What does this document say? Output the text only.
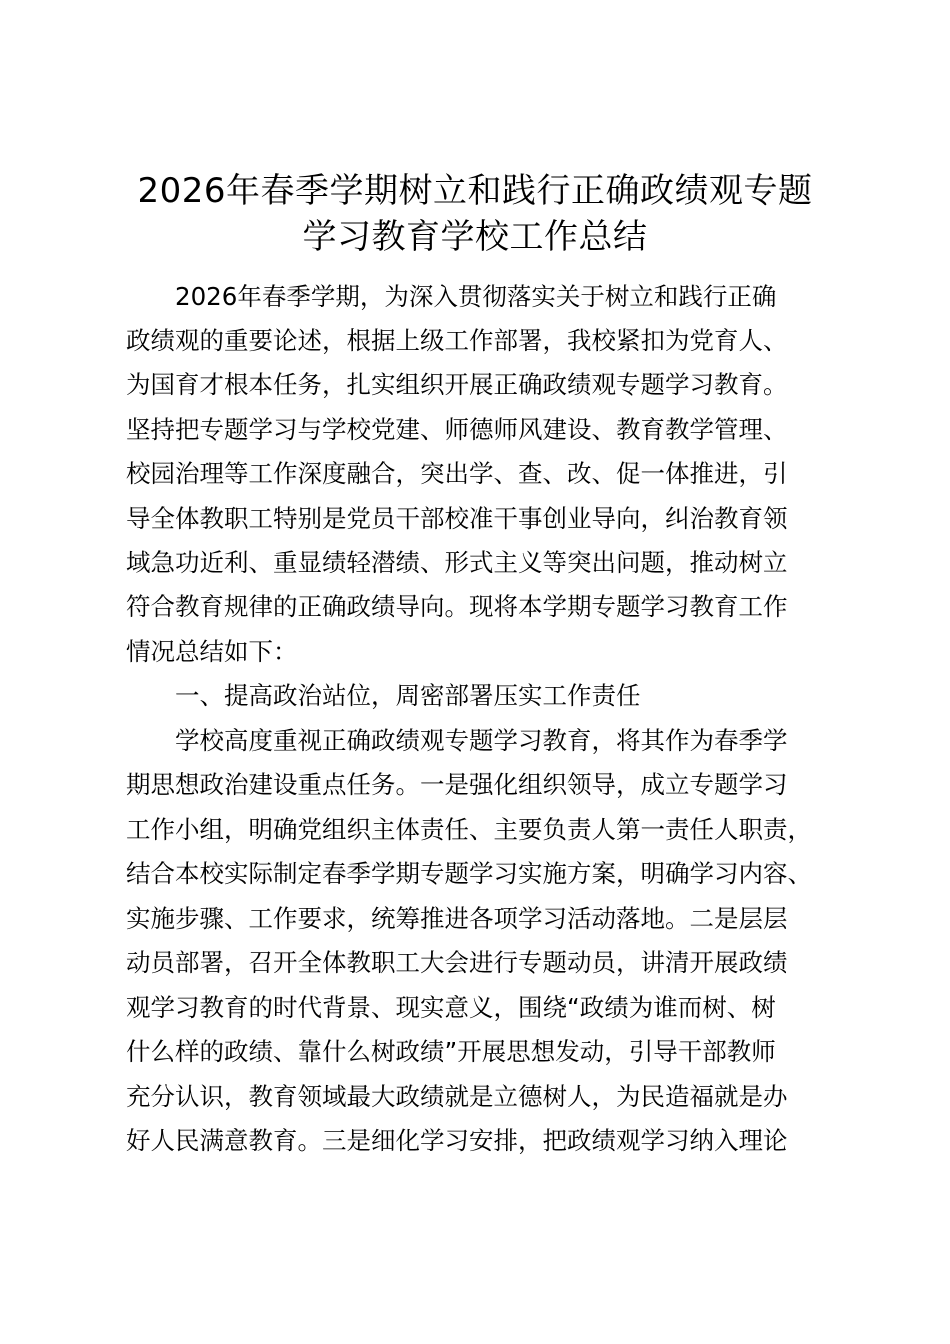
2026年春季学期树立和践行正确政绩观专题
学习教育学校工作总结

2026年春季学期，为深入贯彻落实关于树立和践行正确

政绩观的重要论述，根据上级工作部署，我校紧扣为党育人、

为国育才根本任务，扎实组织开展正确政绩观专题学习教育。

坚持把专题学习与学校党建、师德师风建设、教育教学管理、

校园治理等工作深度融合，突出学、查、改、促一体推进，引

导全体教职工特别是党员干部校准干事创业导向，纠治教育领

域急功近利、重显绩轻潜绩、形式主义等突出问题，推动树立

符合教育规律的正确政绩导向。现将本学期专题学习教育工作

情况总结如下：

一、提高政治站位，周密部署压实工作责任

学校高度重视正确政绩观专题学习教育，将其作为春季学

期思想政治建设重点任务。一是强化组织领导，成立专题学习

工作小组，明确党组织主体责任、主要负责人第一责任人职责，

结合本校实际制定春季学期专题学习实施方案，明确学习内容、

实施步骤、工作要求，统筹推进各项学习活动落地。二是层层

动员部署，召开全体教职工大会进行专题动员，讲清开展政绩

观学习教育的时代背景、现实意义，围绕“政绩为谁而树、树

什么样的政绩、靠什么树政绩”开展思想发动，引导干部教师

充分认识，教育领域最大政绩就是立德树人，为民造福就是办

好人民满意教育。三是细化学习安排，把政绩观学习纳入理论
